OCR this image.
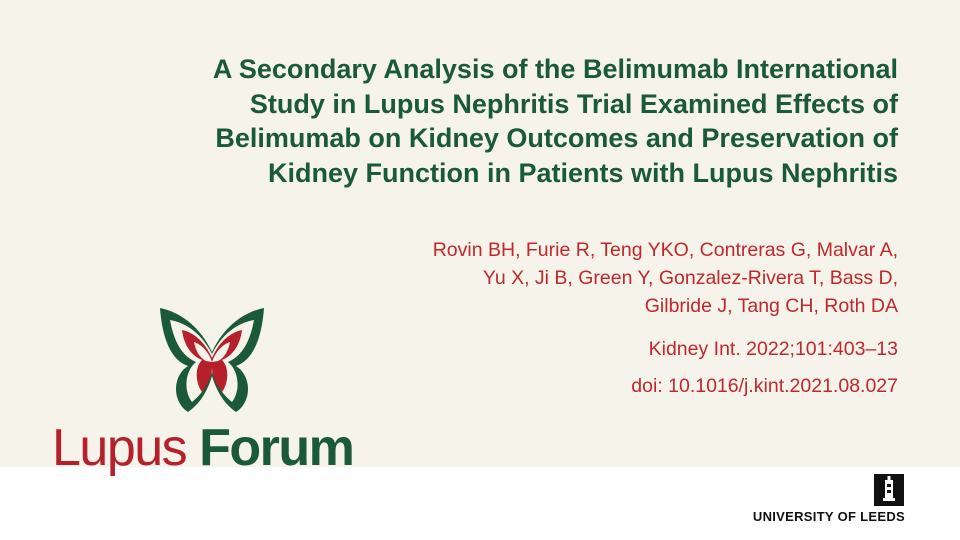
A Secondary Analysis of the Belimumab International Study in Lupus Nephritis Trial Examined Effects of Belimumab on Kidney Outcomes and Preservation of Kidney Function in Patients with Lupus Nephritis
Rovin BH, Furie R, Teng YKO, Contreras G, Malvar A,
Yu X, Ji B, Green Y, Gonzalez-Rivera T, Bass D,
Gilbride J, Tang CH, Roth DA
Kidney Int. 2022;101:403–13
doi: 10.1016/j.kint.2021.08.027

Lupus Forum

UNIVERSITY OF LEEDS
